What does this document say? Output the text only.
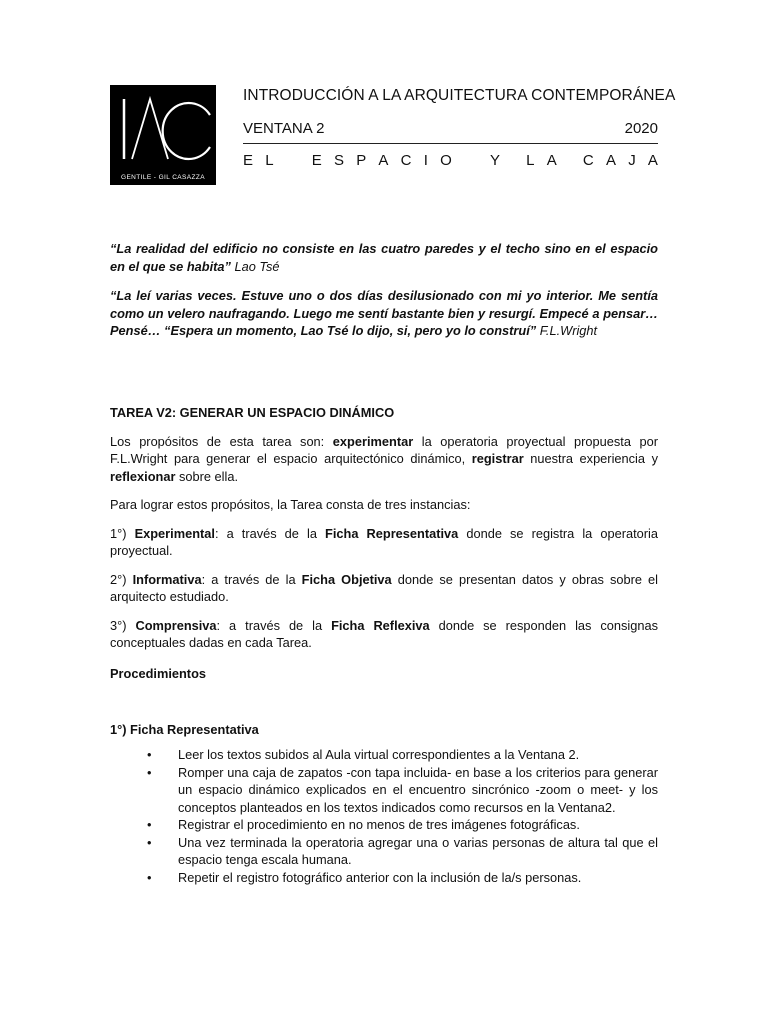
GENTILE - GIL CASAZZA
INTRODUCCIÓN A LA ARQUITECTURA CONTEMPORÁNEA
VENTANA 2	2020
E L	E S P A C I O	Y L A C A J A

“La realidad del edificio no consiste en las cuatro paredes y el techo sino en el espacio en el que se habita” Lao Tsé

“La leí varias veces. Estuve uno o dos días desilusionado con mi yo interior. Me sentía como un velero naufragando. Luego me sentí bastante bien y resurgí. Empecé a pensar…Pensé… “Espera un momento, Lao Tsé lo dijo, si, pero yo lo construí” F.L.Wright

TAREA V2: GENERAR UN ESPACIO DINÁMICO

Los propósitos de esta tarea son: experimentar la operatoria proyectual propuesta por F.L.Wright para generar el espacio arquitectónico dinámico, registrar nuestra experiencia y reflexionar sobre ella.

Para lograr estos propósitos, la Tarea consta de tres instancias:

1°) Experimental: a través de la Ficha Representativa donde se registra la operatoria proyectual.

2°) Informativa: a través de la Ficha Objetiva donde se presentan datos y obras sobre el arquitecto estudiado.

3°) Comprensiva: a través de la Ficha Reflexiva donde se responden las consignas conceptuales dadas en cada Tarea.

Procedimientos
1°) Ficha Representativa
• Leer los textos subidos al Aula virtual correspondientes a la Ventana 2.
• Romper una caja de zapatos -con tapa incluida- en base a los criterios para generar un espacio dinámico explicados en el encuentro sincrónico -zoom o meet- y los conceptos planteados en los textos indicados como recursos en la Ventana2.
• Registrar el procedimiento en no menos de tres imágenes fotográficas.
• Una vez terminada la operatoria agregar una o varias personas de altura tal que el espacio tenga escala humana.
• Repetir el registro fotográfico anterior con la inclusión de la/s personas.
